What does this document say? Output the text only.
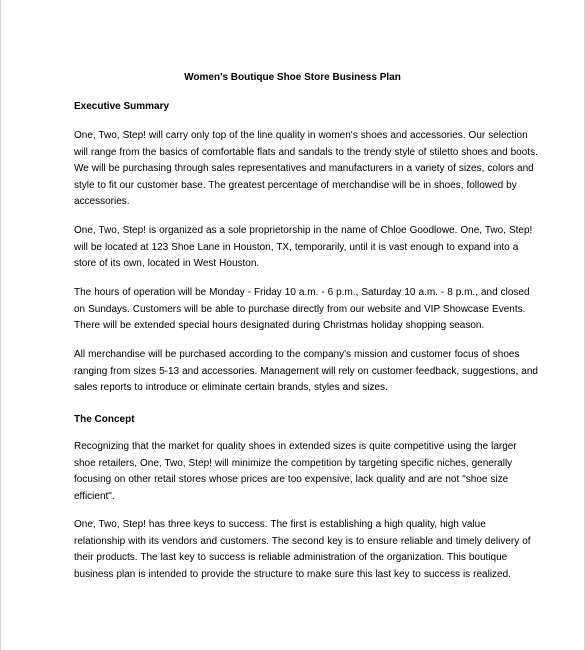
Women's Boutique Shoe Store Business Plan
Executive Summary
One, Two, Step! will carry only top of the line quality in women's shoes and accessories. Our selection
will range from the basics of comfortable flats and sandals to the trendy style of stiletto shoes and boots.
We will be purchasing through sales representatives and manufacturers in a variety of sizes, colors and
style to fit our customer base. The greatest percentage of merchandise will be in shoes, followed by
accessories.
One, Two, Step! is organized as a sole proprietorship in the name of Chloe Goodlowe. One, Two, Step!
will be located at 123 Shoe Lane in Houston, TX, temporarily, until it is vast enough to expand into a
store of its own, located in West Houston.
The hours of operation will be Monday - Friday 10 a.m. - 6 p.m., Saturday 10 a.m. - 8 p.m., and closed
on Sundays. Customers will be able to purchase directly from our website and VIP Showcase Events.
There will be extended special hours designated during Christmas holiday shopping season.
All merchandise will be purchased according to the company's mission and customer focus of shoes
ranging from sizes 5-13 and accessories. Management will rely on customer feedback, suggestions, and
sales reports to introduce or eliminate certain brands, styles and sizes.
The Concept
Recognizing that the market for quality shoes in extended sizes is quite competitive using the larger
shoe retailers, One, Two, Step! will minimize the competition by targeting specific niches, generally
focusing on other retail stores whose prices are too expensive, lack quality and are not "shoe size
efficient".
One, Two, Step! has three keys to success. The first is establishing a high quality, high value
relationship with its vendors and customers. The second key is to ensure reliable and timely delivery of
their products. The last key to success is reliable administration of the organization. This boutique
business plan is intended to provide the structure to make sure this last key to success is realized.
